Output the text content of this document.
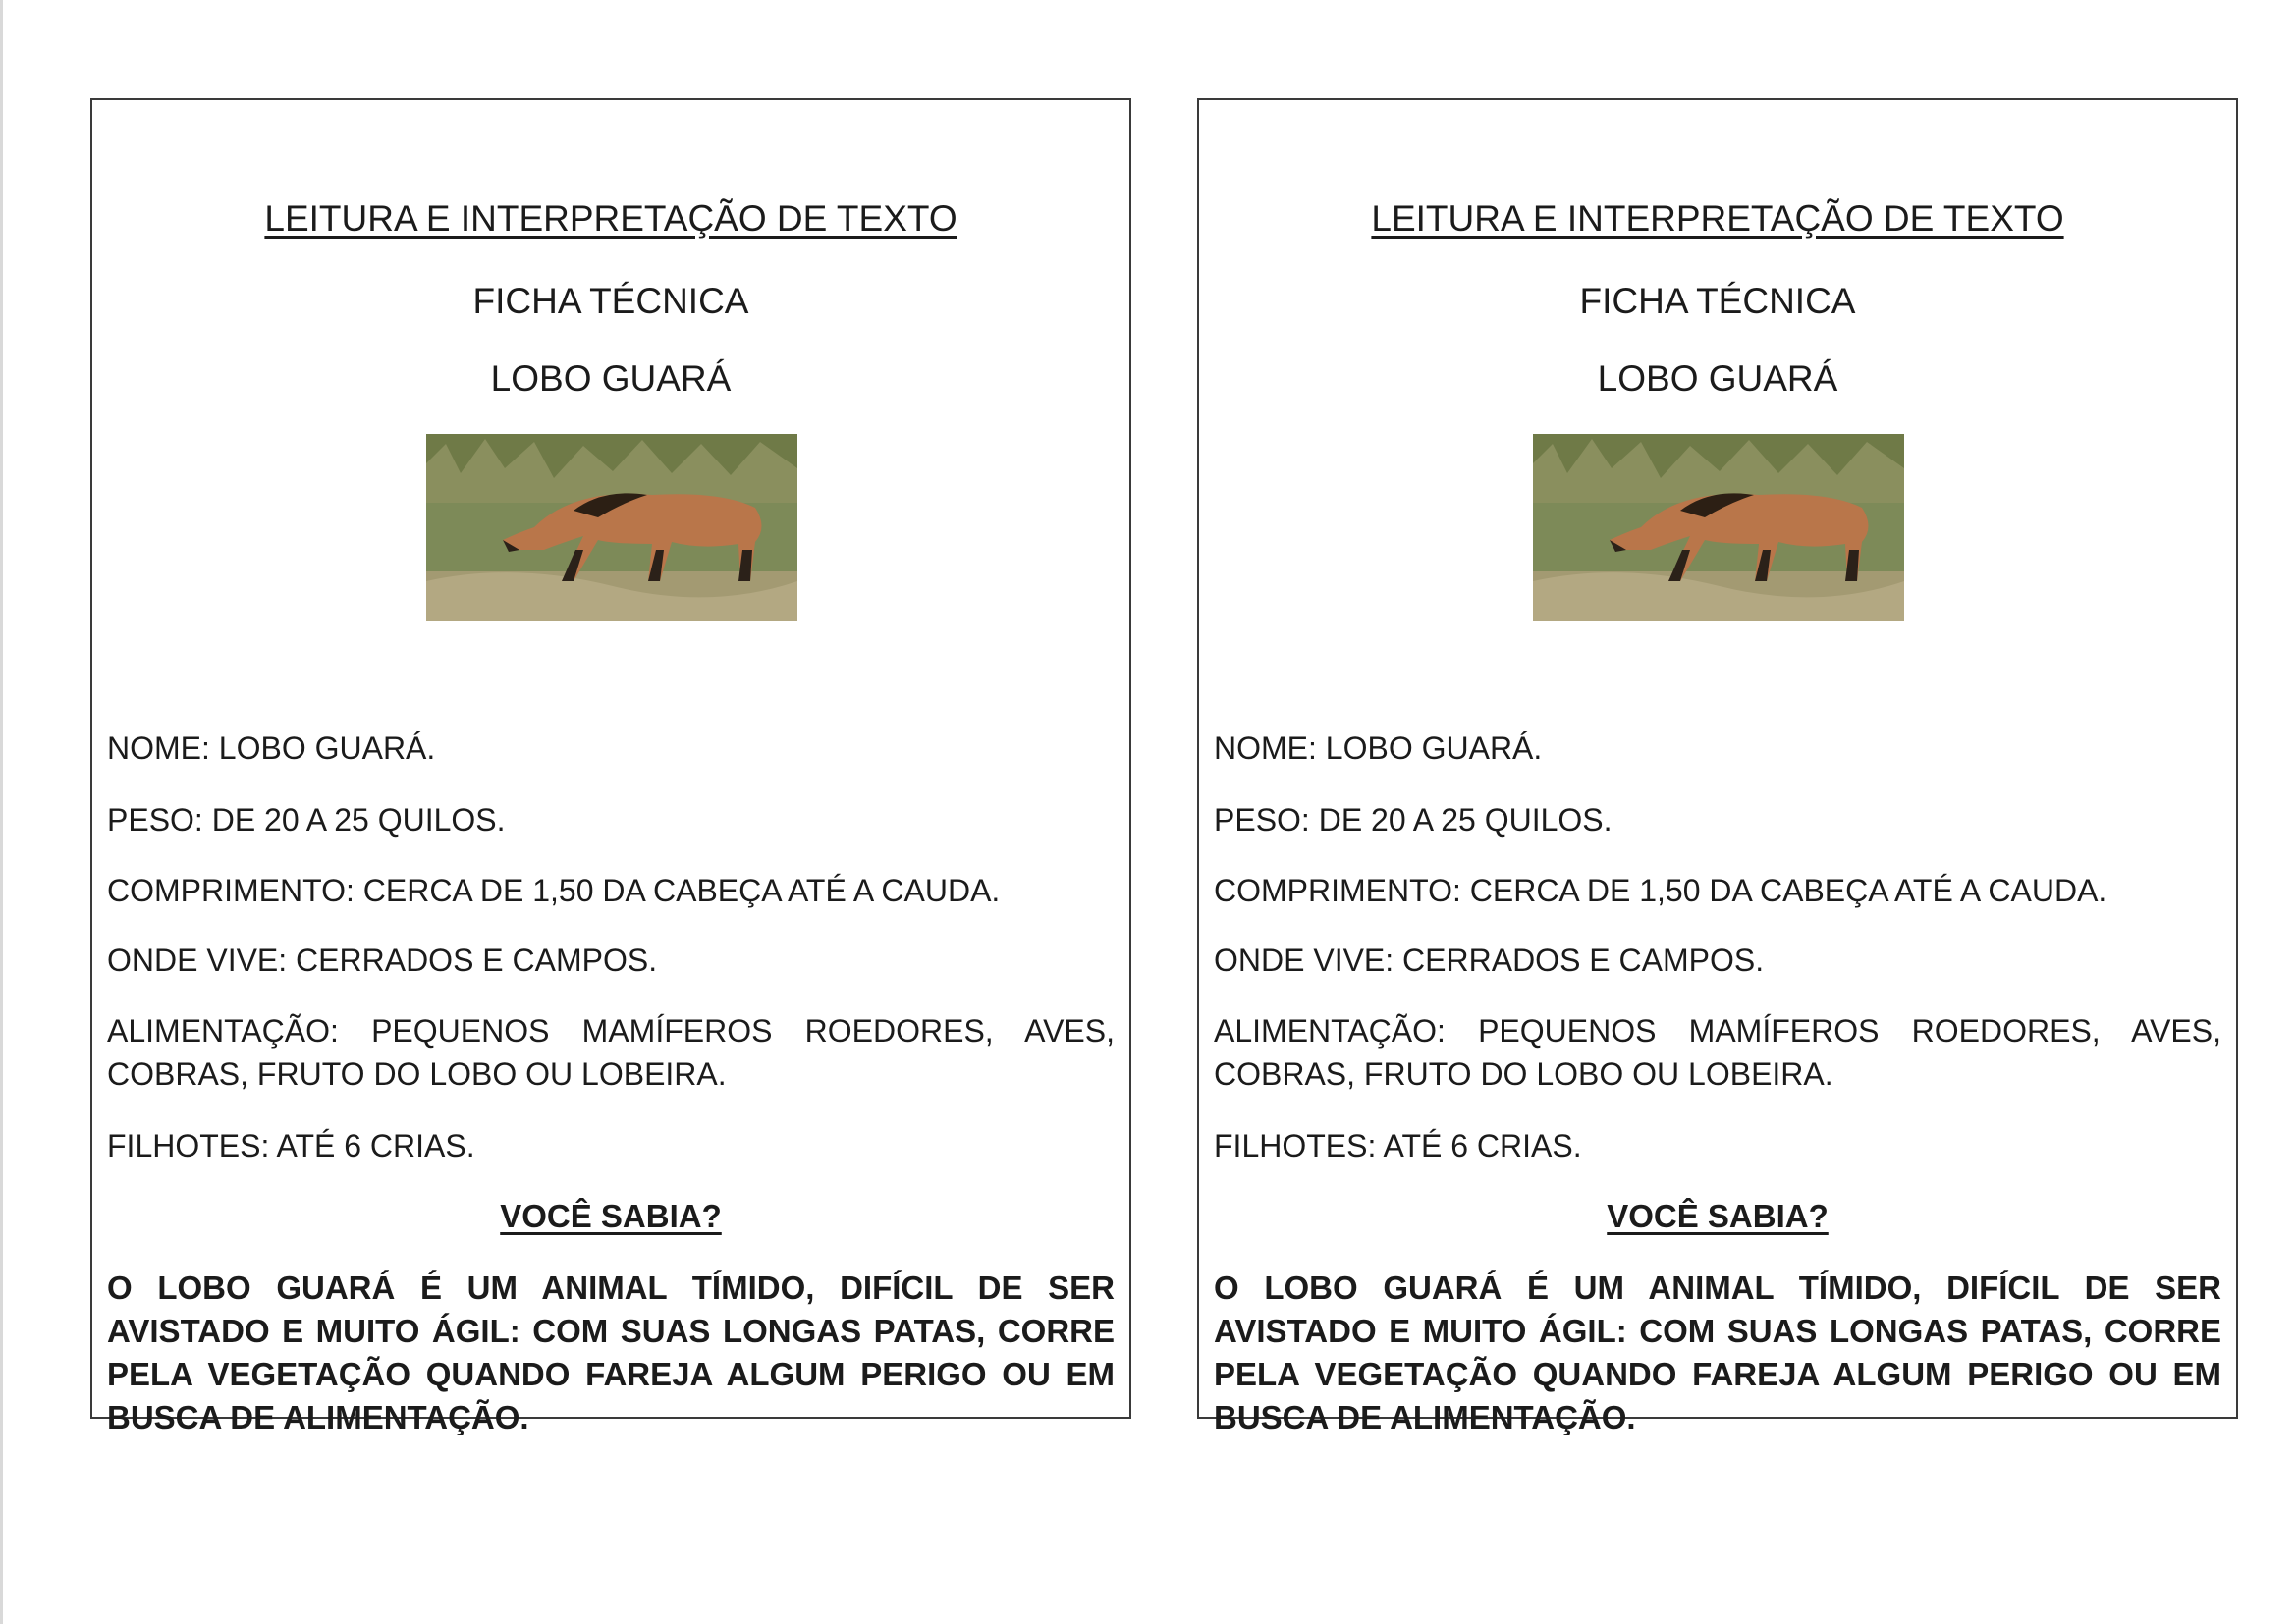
LEITURA E INTERPRETAÇÃO DE TEXTO
FICHA TÉCNICA
LOBO GUARÁ
NOME: LOBO GUARÁ.
PESO: DE 20 A 25 QUILOS.
COMPRIMENTO: CERCA DE 1,50 DA CABEÇA ATÉ A CAUDA.
ONDE VIVE: CERRADOS E CAMPOS.
ALIMENTAÇÃO: PEQUENOS MAMÍFEROS ROEDORES, AVES, COBRAS, FRUTO DO LOBO OU LOBEIRA.
FILHOTES: ATÉ 6 CRIAS.
VOCÊ SABIA?
O LOBO GUARÁ É UM ANIMAL TÍMIDO, DIFÍCIL DE SER AVISTADO E MUITO ÁGIL: COM SUAS LONGAS PATAS, CORRE PELA VEGETAÇÃO QUANDO FAREJA ALGUM PERIGO OU EM BUSCA DE ALIMENTAÇÃO.
LEITURA E INTERPRETAÇÃO DE TEXTO
FICHA TÉCNICA
LOBO GUARÁ
NOME: LOBO GUARÁ.
PESO: DE 20 A 25 QUILOS.
COMPRIMENTO: CERCA DE 1,50 DA CABEÇA ATÉ A CAUDA.
ONDE VIVE: CERRADOS E CAMPOS.
ALIMENTAÇÃO: PEQUENOS MAMÍFEROS ROEDORES, AVES, COBRAS, FRUTO DO LOBO OU LOBEIRA.
FILHOTES: ATÉ 6 CRIAS.
VOCÊ SABIA?
O LOBO GUARÁ É UM ANIMAL TÍMIDO, DIFÍCIL DE SER AVISTADO E MUITO ÁGIL: COM SUAS LONGAS PATAS, CORRE PELA VEGETAÇÃO QUANDO FAREJA ALGUM PERIGO OU EM BUSCA DE ALIMENTAÇÃO.
